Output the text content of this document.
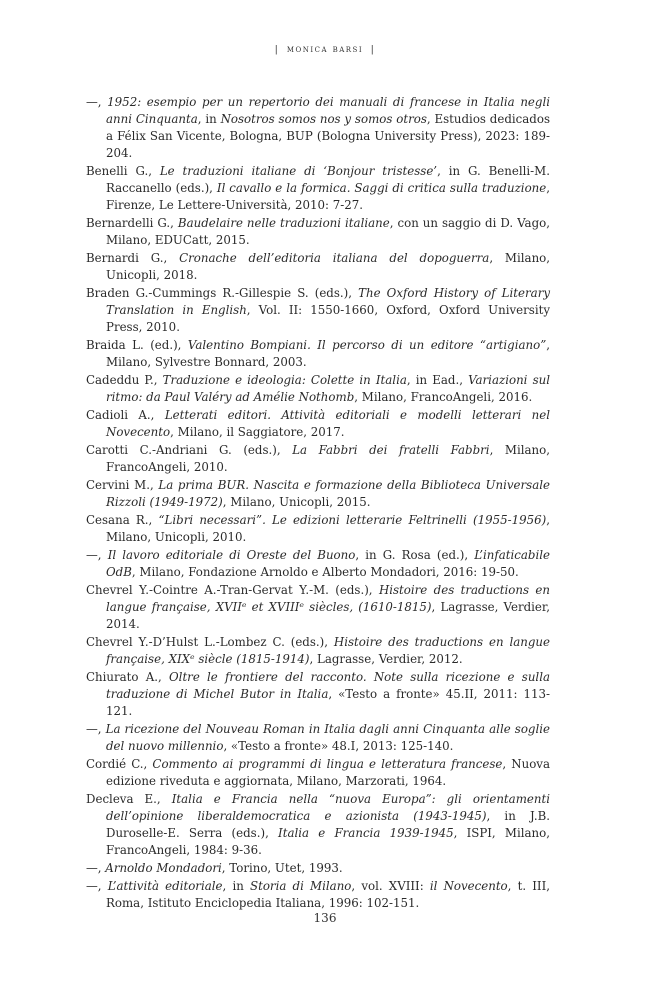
| monica barsi |

—, 1952: esempio per un repertorio dei manuali di francese in Italia negli anni Cinquanta, in Nosotros somos nos y somos otros, Estudios dedicados a Félix San Vicente, Bologna, BUP (Bologna University Press), 2023: 189-204.

Benelli G., Le traduzioni italiane di ‘Bonjour tristesse’, in G. Benelli-M. Raccanello (eds.), Il cavallo e la formica. Saggi di critica sulla traduzione, Firenze, Le Lettere-Università, 2010: 7-27.

Bernardelli G., Baudelaire nelle traduzioni italiane, con un saggio di D. Vago, Milano, EDUCatt, 2015.

Bernardi G., Cronache dell’editoria italiana del dopoguerra, Milano, Unicopli, 2018.

Braden G.-Cummings R.-Gillespie S. (eds.), The Oxford History of Literary Translation in English, Vol. II: 1550-1660, Oxford, Oxford University Press, 2010.

Braida L. (ed.), Valentino Bompiani. Il percorso di un editore “artigiano”, Milano, Sylvestre Bonnard, 2003.

Cadeddu P., Traduzione e ideologia: Colette in Italia, in Ead., Variazioni sul ritmo: da Paul Valéry ad Amélie Nothomb, Milano, FrancoAngeli, 2016.

Cadioli A., Letterati editori. Attività editoriali e modelli letterari nel Novecento, Milano, il Saggiatore, 2017.

Carotti C.-Andriani G. (eds.), La Fabbri dei fratelli Fabbri, Milano, FrancoAngeli, 2010.

Cervini M., La prima BUR. Nascita e formazione della Biblioteca Universale Rizzoli (1949-1972), Milano, Unicopli, 2015.

Cesana R., “Libri necessari”. Le edizioni letterarie Feltrinelli (1955-1956), Milano, Unicopli, 2010.

—, Il lavoro editoriale di Oreste del Buono, in G. Rosa (ed.), L’infaticabile OdB, Milano, Fondazione Arnoldo e Alberto Mondadori, 2016: 19-50.

Chevrel Y.-Cointre A.-Tran-Gervat Y.-M. (eds.), Histoire des traductions en langue française, XVIIᵉ et XVIIIᵉ siècles, (1610-1815), Lagrasse, Verdier, 2014.

Chevrel Y.-D’Hulst L.-Lombez C. (eds.), Histoire des traductions en langue française, XIXᵉ siècle (1815-1914), Lagrasse, Verdier, 2012.

Chiurato A., Oltre le frontiere del racconto. Note sulla ricezione e sulla traduzione di Michel Butor in Italia, «Testo a fronte» 45.II, 2011: 113-121.

—, La ricezione del Nouveau Roman in Italia dagli anni Cinquanta alle soglie del nuovo millennio, «Testo a fronte» 48.I, 2013: 125-140.

Cordié C., Commento ai programmi di lingua e letteratura francese, Nuova edizione riveduta e aggiornata, Milano, Marzorati, 1964.

Decleva E., Italia e Francia nella “nuova Europa”: gli orientamenti dell’opinione liberaldemocratica e azionista (1943-1945), in J.B. Duroselle-E. Serra (eds.), Italia e Francia 1939-1945, ISPI, Milano, FrancoAngeli, 1984: 9-36.

—, Arnoldo Mondadori, Torino, Utet, 1993.

—, L’attività editoriale, in Storia di Milano, vol. XVIII: il Novecento, t. III, Roma, Istituto Enciclopedia Italiana, 1996: 102-151.

136
